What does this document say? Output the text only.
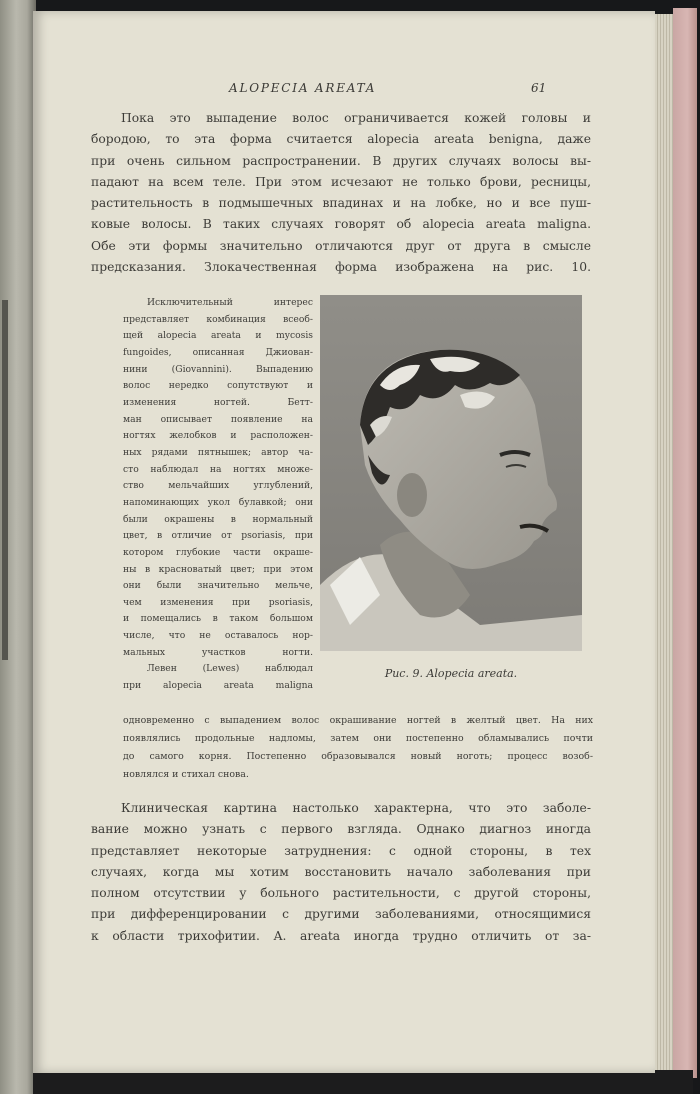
ALOPECIA AREATA	61

Пока это выпадение волос ограничивается кожей головы и
бородою, то эта форма считается alopecia areata benigna, даже
при очень сильном распространении. В других случаях волосы вы-
падают на всем теле. При этом исчезают не только брови, ресницы,
растительность в подмышечных впадинах и на лобке, но и все пуш-
ковые волосы. В таких случаях говорят об alopecia areata maligna.
Обе эти формы значительно отличаются друг от друга в смысле
предсказания. Злокачественная форма изображена на рис. 10.

Исключительный интерес
представляет комбинация всеоб-
щей alopecia areata и mycosis
fungoides, описанная Джиован-
нини (Giovannini). Выпадению
волос нередко сопутствуют и
изменения ногтей. Бетт-
ман описывает появление на
ногтях желобков и расположен-
ных рядами пятнышек; автор ча-
сто наблюдал на ногтях множе-
ство мельчайших углублений,
напоминающих укол булавкой; они
были окрашены в нормальный
цвет, в отличие от psoriasis, при
котором глубокие части окраше-
ны в красноватый цвет; при этом
они были значительно мельче,
чем изменения при psoriasis,
и помещались в таком большом
числе, что не оставалось нор-
мальных участков ногти.
Левен (Lewes) наблюдал
при alopecia areata maligna

Рис. 9. Alopecia areata.

одновременно с выпадением волос окрашивание ногтей в желтый цвет. На них
появлялись продольные надломы, затем они постепенно обламывались почти
до самого корня. Постепенно образовывался новый ноготь; процесс возоб-
новлялся и стихал снова.

Клиническая картина настолько характерна, что это заболе-
вание можно узнать с первого взгляда. Однако диагноз иногда
представляет некоторые затруднения: с одной стороны, в тех
случаях, когда мы хотим восстановить начало заболевания при
полном отсутствии у больного растительности, с другой стороны,
при дифференцировании с другими заболеваниями, относящимися
к области трихофитии. A. areata иногда трудно отличить от за-
